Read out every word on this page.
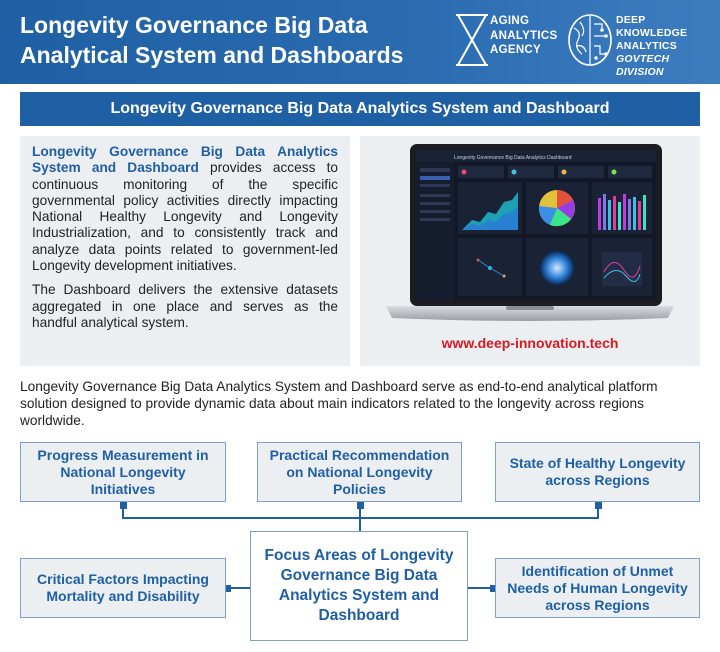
Longevity Governance Big Data Analytical System and Dashboards
AGING
ANALYTICS
AGENCY
DEEP
KNOWLEDGE
ANALYTICS
GOVTECH DIVISION
Longevity Governance Big Data Analytics System and Dashboard

Longevity Governance Big Data Analytics System and Dashboard provides access to continuous monitoring of the specific governmental policy activities directly impacting National Healthy Longevity and Longevity Industrialization, and to consistently track and analyze data points related to government-led Longevity development initiatives.

The Dashboard delivers the extensive datasets aggregated in one place and serves as the handful analytical system.

Longevity Governance Big Data Analytics Dashboard
www.deep-innovation.tech
Longevity Governance Big Data Analytics System and Dashboard serve as end-to-end analytical platform solution designed to provide dynamic data about main indicators related to the longevity across regions worldwide.
Progress Measurement in National Longevity Initiatives
Practical Recommendation on National Longevity Policies
State of Healthy Longevity across Regions
Critical Factors Impacting Mortality and Disability
Identification of Unmet Needs of Human Longevity across Regions
Focus Areas of Longevity Governance Big Data Analytics System and Dashboard
